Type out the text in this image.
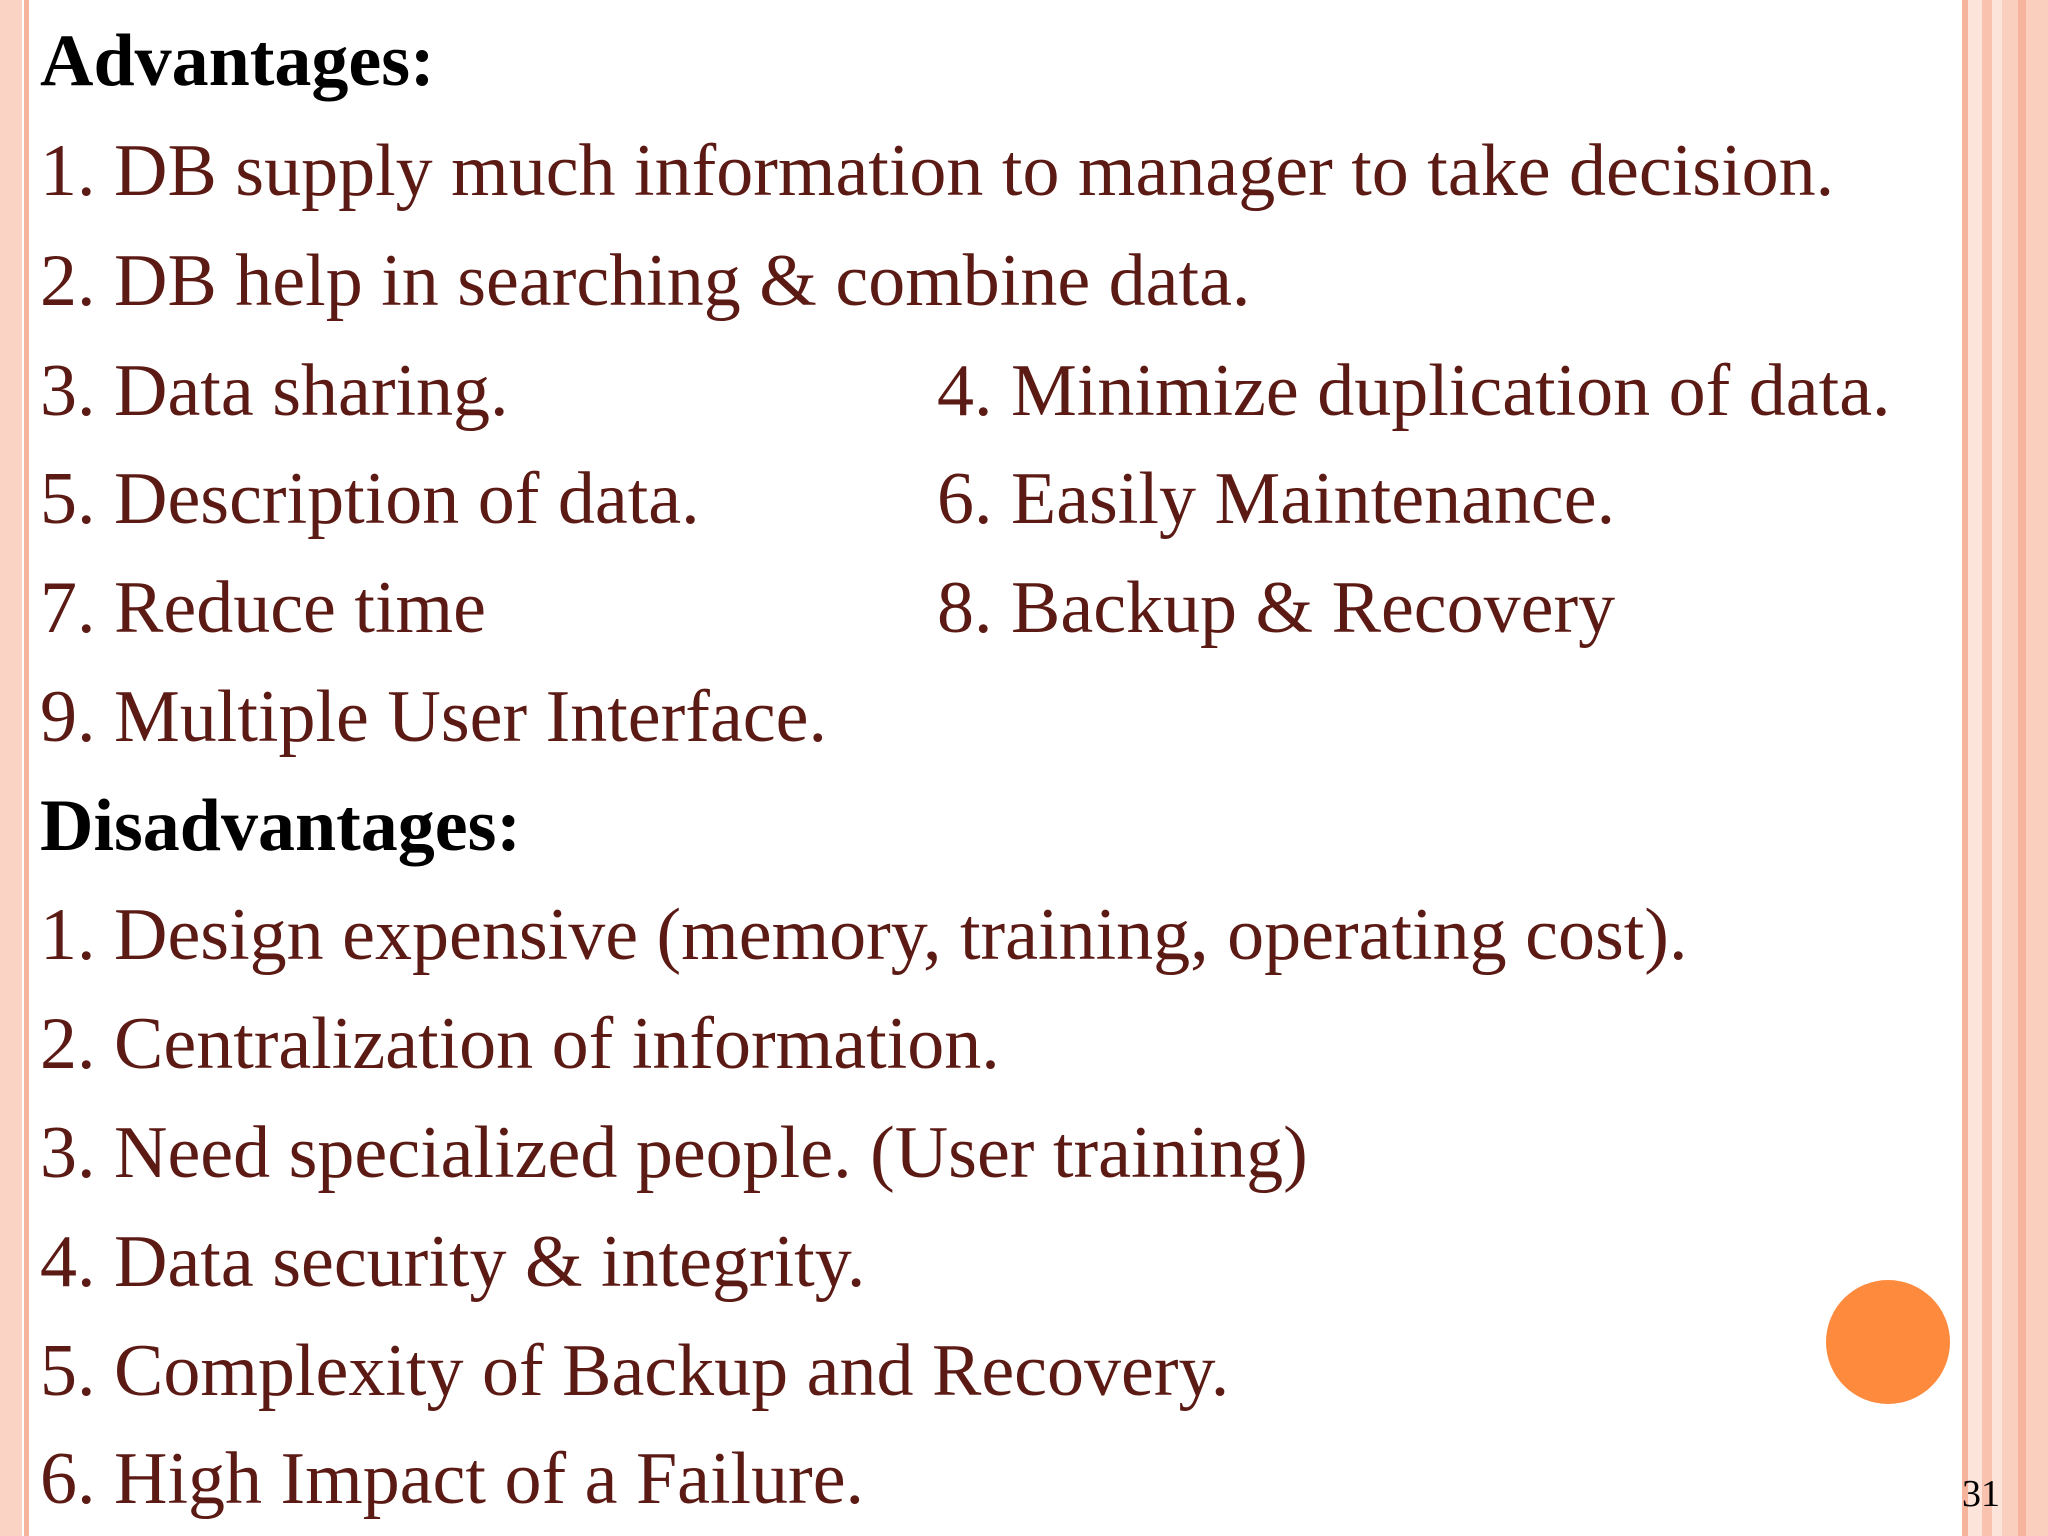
Advantages:
1. DB supply much information to manager to take decision.
2. DB help in searching & combine data.
3. Data sharing.	4. Minimize duplication of data.
5. Description of data.	6. Easily Maintenance.
7. Reduce time	8. Backup & Recovery
9. Multiple User Interface.
Disadvantages:
1. Design expensive (memory, training, operating cost).
2. Centralization of information.
3. Need specialized people. (User training)
4. Data security & integrity.
5. Complexity of Backup and Recovery.
6. High Impact of a Failure.	31
